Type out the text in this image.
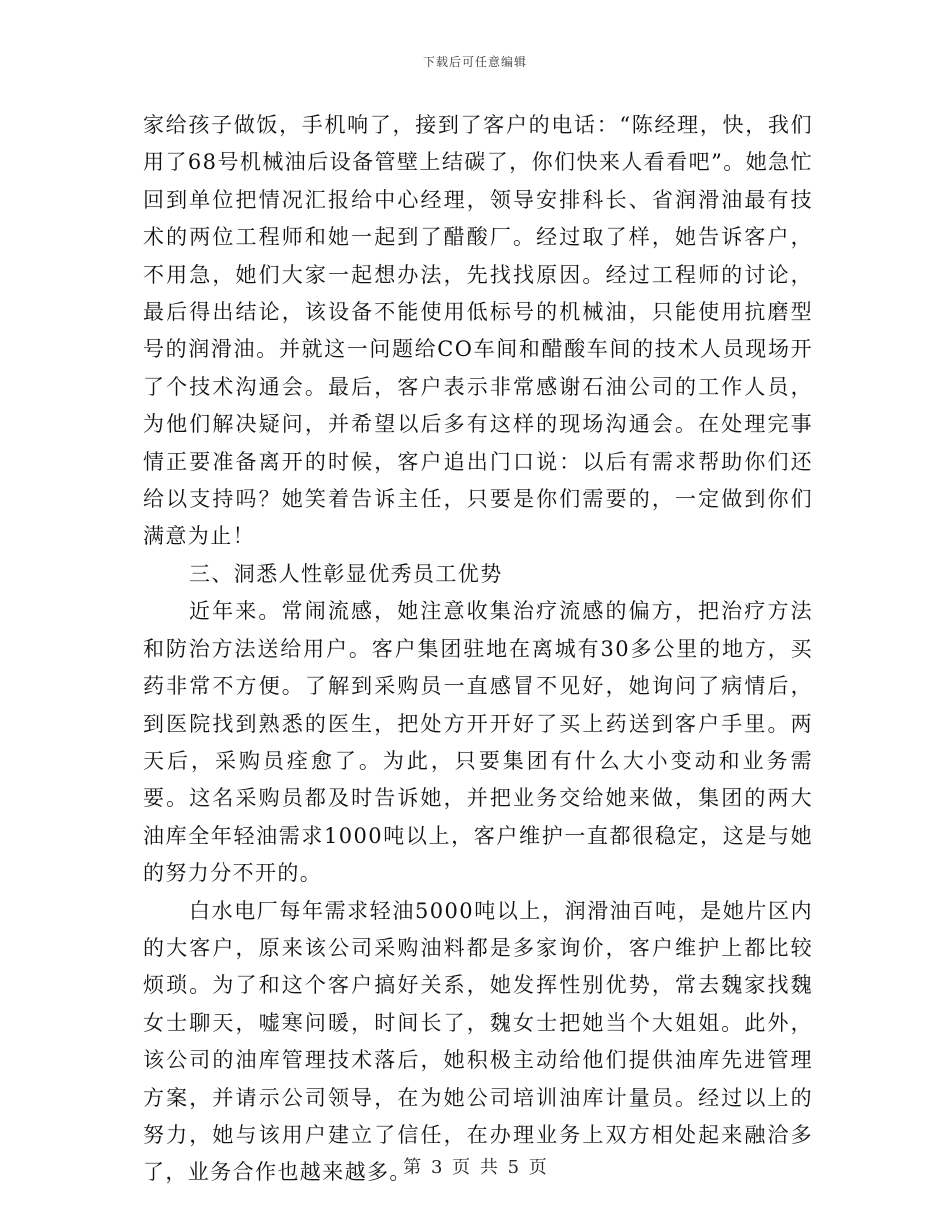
下载后可任意编辑

家给孩子做饭，手机响了，接到了客户的电话：“陈经理，快，我们用了68号机械油后设备管壁上结碳了，你们快来人看看吧”。她急忙回到单位把情况汇报给中心经理，领导安排科长、省润滑油最有技术的两位工程师和她一起到了醋酸厂。经过取了样，她告诉客户，不用急，她们大家一起想办法，先找找原因。经过工程师的讨论，最后得出结论，该设备不能使用低标号的机械油，只能使用抗磨型号的润滑油。并就这一问题给CO车间和醋酸车间的技术人员现场开了个技术沟通会。最后，客户表示非常感谢石油公司的工作人员，为他们解决疑问，并希望以后多有这样的现场沟通会。在处理完事情正要准备离开的时候，客户追出门口说：以后有需求帮助你们还给以支持吗？她笑着告诉主任，只要是你们需要的，一定做到你们满意为止！

三、洞悉人性彰显优秀员工优势

近年来。常闹流感，她注意收集治疗流感的偏方，把治疗方法和防治方法送给用户。客户集团驻地在离城有30多公里的地方，买药非常不方便。了解到采购员一直感冒不见好，她询问了病情后，到医院找到熟悉的医生，把处方开开好了买上药送到客户手里。两天后，采购员痊愈了。为此，只要集团有什么大小变动和业务需要。这名采购员都及时告诉她，并把业务交给她来做，集团的两大油库全年轻油需求1000吨以上，客户维护一直都很稳定，这是与她的努力分不开的。

白水电厂每年需求轻油5000吨以上，润滑油百吨，是她片区内的大客户，原来该公司采购油料都是多家询价，客户维护上都比较烦琐。为了和这个客户搞好关系，她发挥性别优势，常去魏家找魏女士聊天，嘘寒问暖，时间长了，魏女士把她当个大姐姐。此外，该公司的油库管理技术落后，她积极主动给他们提供油库先进管理方案，并请示公司领导，在为她公司培训油库计量员。经过以上的努力，她与该用户建立了信任，在办理业务上双方相处起来融洽多了，业务合作也越来越多。

第 3 页 共 5 页
